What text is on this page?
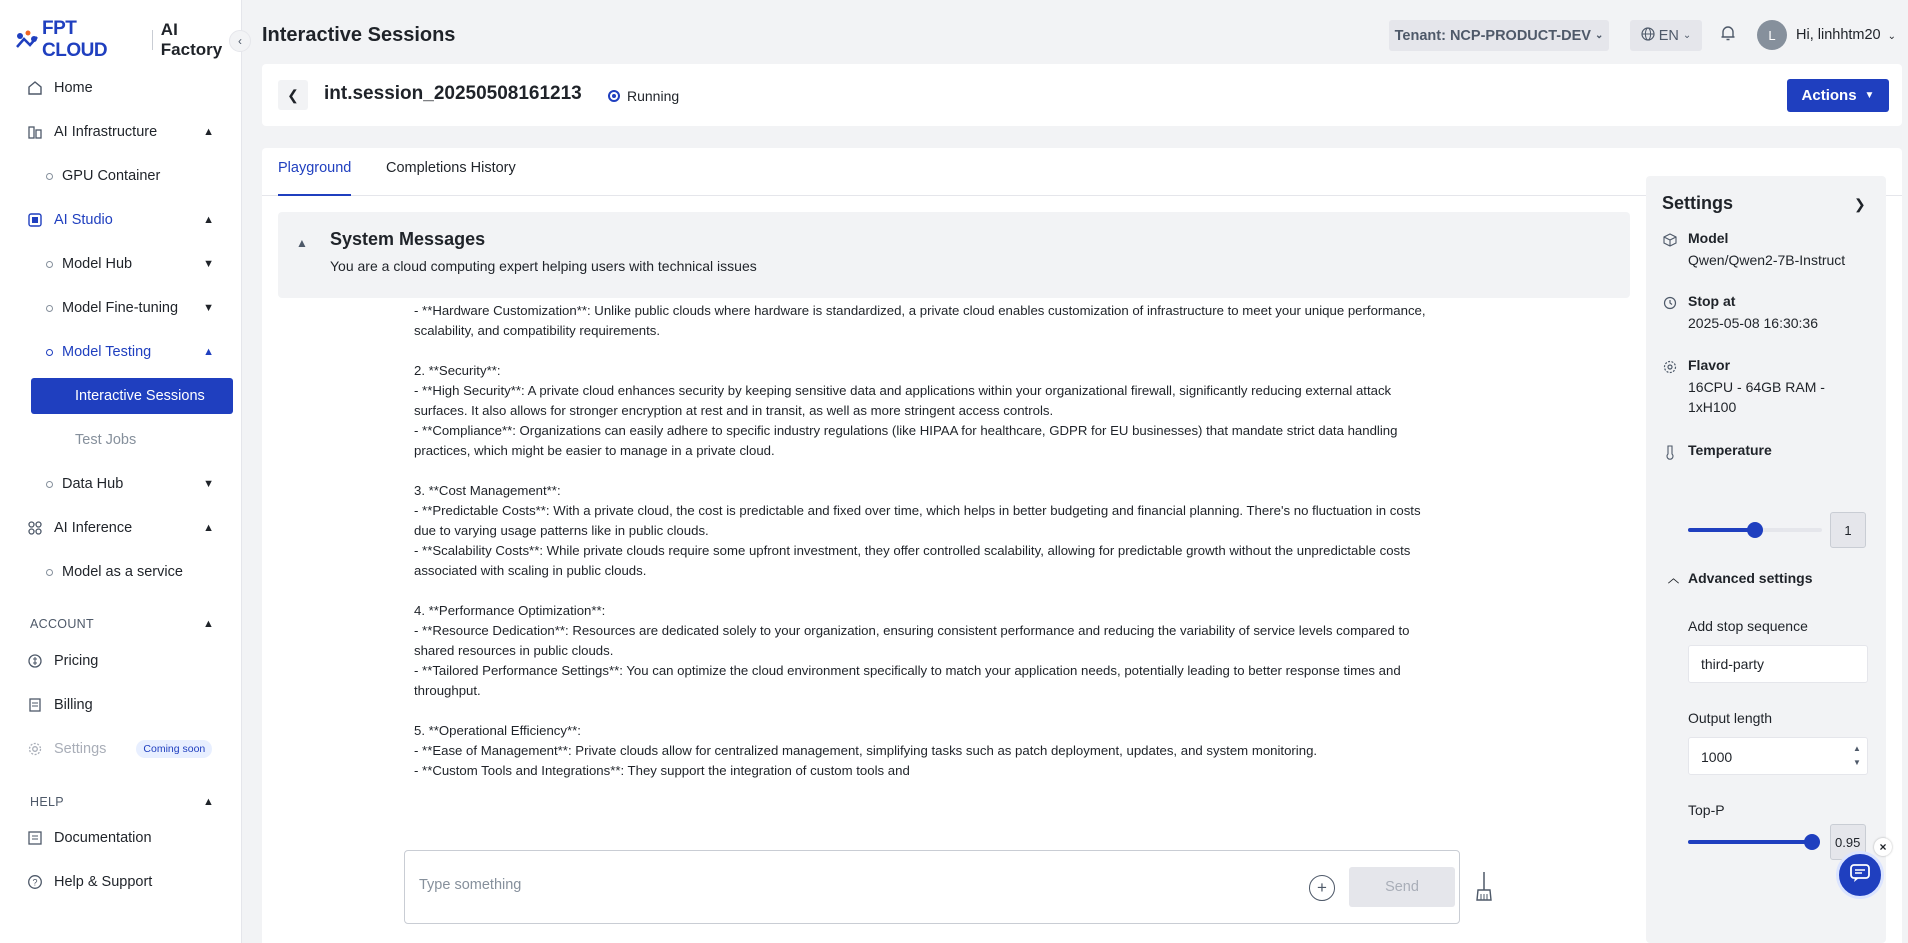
FPT CLOUD
AI Factory	‹
Home
AI Infrastructure	▲
GPU Container
AI Studio	▲
Model Hub	▼
Model Fine-tuning ▼
Model Testing	▲
Interactive Sessions
Test Jobs
Data Hub	▼
AI Inference	▲
Model as a service
ACCOUNT	▲
Pricing
Billing
Settings	Coming soon
HELP	▲
Documentation
? Help & Support
Interactive Sessions	Tenant: NCP-PRODUCT-DEV ⌄	EN ⌄	L	Hi, linhhtm20 ⌄
❮ int.session_20250508161213	Running	Actions ▼
Playground Completions History
▲ System Messages
You are a cloud computing expert helping users with technical issues
- **Hardware Customization**: Unlike public clouds where hardware is standardized, a private cloud enables customization of infrastructure to meet your unique performance,
scalability, and compatibility requirements.
2. **Security**:
- **High Security**: A private cloud enhances security by keeping sensitive data and applications within your organizational firewall, significantly reducing external attack
surfaces. It also allows for stronger encryption at rest and in transit, as well as more stringent access controls.
- **Compliance**: Organizations can easily adhere to specific industry regulations (like HIPAA for healthcare, GDPR for EU businesses) that mandate strict data handling
practices, which might be easier to manage in a private cloud.
3. **Cost Management**:
- **Predictable Costs**: With a private cloud, the cost is predictable and fixed over time, which helps in better budgeting and financial planning. There's no fluctuation in costs
due to varying usage patterns like in public clouds.
- **Scalability Costs**: While private clouds require some upfront investment, they offer controlled scalability, allowing for predictable growth without the unpredictable costs
associated with scaling in public clouds.
4. **Performance Optimization**:
- **Resource Dedication**: Resources are dedicated solely to your organization, ensuring consistent performance and reducing the variability of service levels compared to
shared resources in public clouds.
- **Tailored Performance Settings**: You can optimize the cloud environment specifically to match your application needs, potentially leading to better response times and
throughput.
5. **Operational Efficiency**:
- **Ease of Management**: Private clouds allow for centralized management, simplifying tasks such as patch deployment, updates, and system monitoring.
- **Custom Tools and Integrations**: They support the integration of custom tools and
Type something
+	Send
Settings	❯
Model
Qwen/Qwen2-7B-Instruct
Stop at
2025-05-08 16:30:36
Flavor
16CPU - 64GB RAM - 1xH100
Temperature
1
︿ Advanced settings
Add stop sequence
third-party
Output length
1000
▲
▼
Top-P
0.95	×
